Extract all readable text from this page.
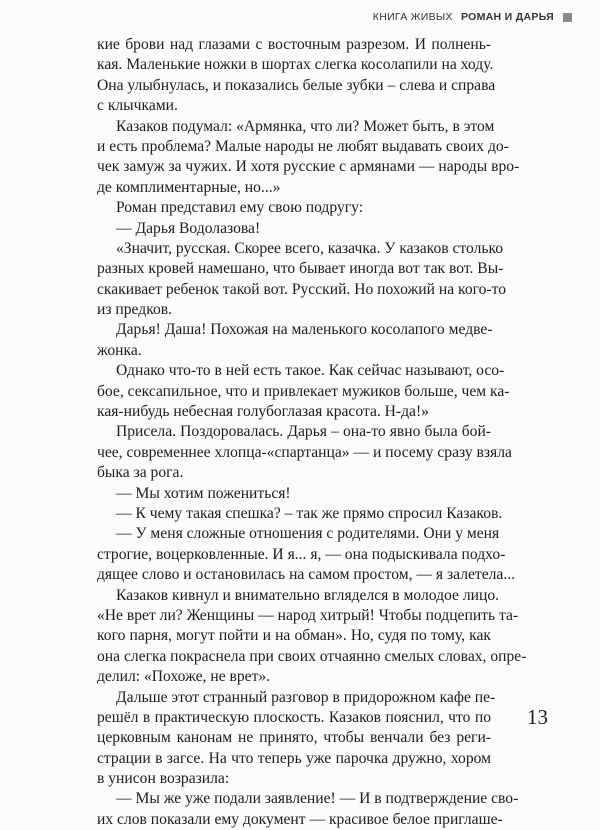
КНИГА ЖИВЫХ РОМАН И ДАРЬЯ
кие брови над глазами с восточным разрезом. И полнень-
кая. Маленькие ножки в шортах слегка косолапили на ходу.
Она улыбнулась, и показались белые зубки – слева и справа
с клычками.
Казаков подумал: «Армянка, что ли? Может быть, в этом
и есть проблема? Малые народы не любят выдавать своих до-
чек замуж за чужих. И хотя русские с армянами — народы вро-
де комплиментарные, но...»
Роман представил ему свою подругу:
— Дарья Водолазова!
«Значит, русская. Скорее всего, казачка. У казаков столько
разных кровей намешано, что бывает иногда вот так вот. Вы-
скакивает ребенок такой вот. Русский. Но похожий на кого-то
из предков.
Дарья! Даша! Похожая на маленького косолапого медве-
жонка.
Однако что-то в ней есть такое. Как сейчас называют, осо-
бое, сексапильное, что и привлекает мужиков больше, чем ка-
кая-нибудь небесная голубоглазая красота. Н-да!»
Присела. Поздоровалась. Дарья – она-то явно была бой-
чее, современнее хлопца-«спартанца» — и посему сразу взяла
быка за рога.
— Мы хотим пожениться!
— К чему такая спешка? – так же прямо спросил Казаков.
— У меня сложные отношения с родителями. Они у меня
строгие, воцерковленные. И я... я, — она подыскивала подхо-
дящее слово и остановилась на самом простом, — я залетела...
Казаков кивнул и внимательно вгляделся в молодое лицо.
«Не врет ли? Женщины — народ хитрый! Чтобы подцепить та-
кого парня, могут пойти и на обман». Но, судя по тому, как
она слегка покраснела при своих отчаянно смелых словах, опре-
делил: «Похоже, не врет».
Дальше этот странный разговор в придорожном кафе пе-
решёл в практическую плоскость. Казаков пояснил, что по
церковным канонам не принято, чтобы венчали без реги-
страции в загсе. На что теперь уже парочка дружно, хором
в унисон возразила:
— Мы же уже подали заявление! — И в подтверждение сво-
их слов показали ему документ — красивое белое приглаше-
13
